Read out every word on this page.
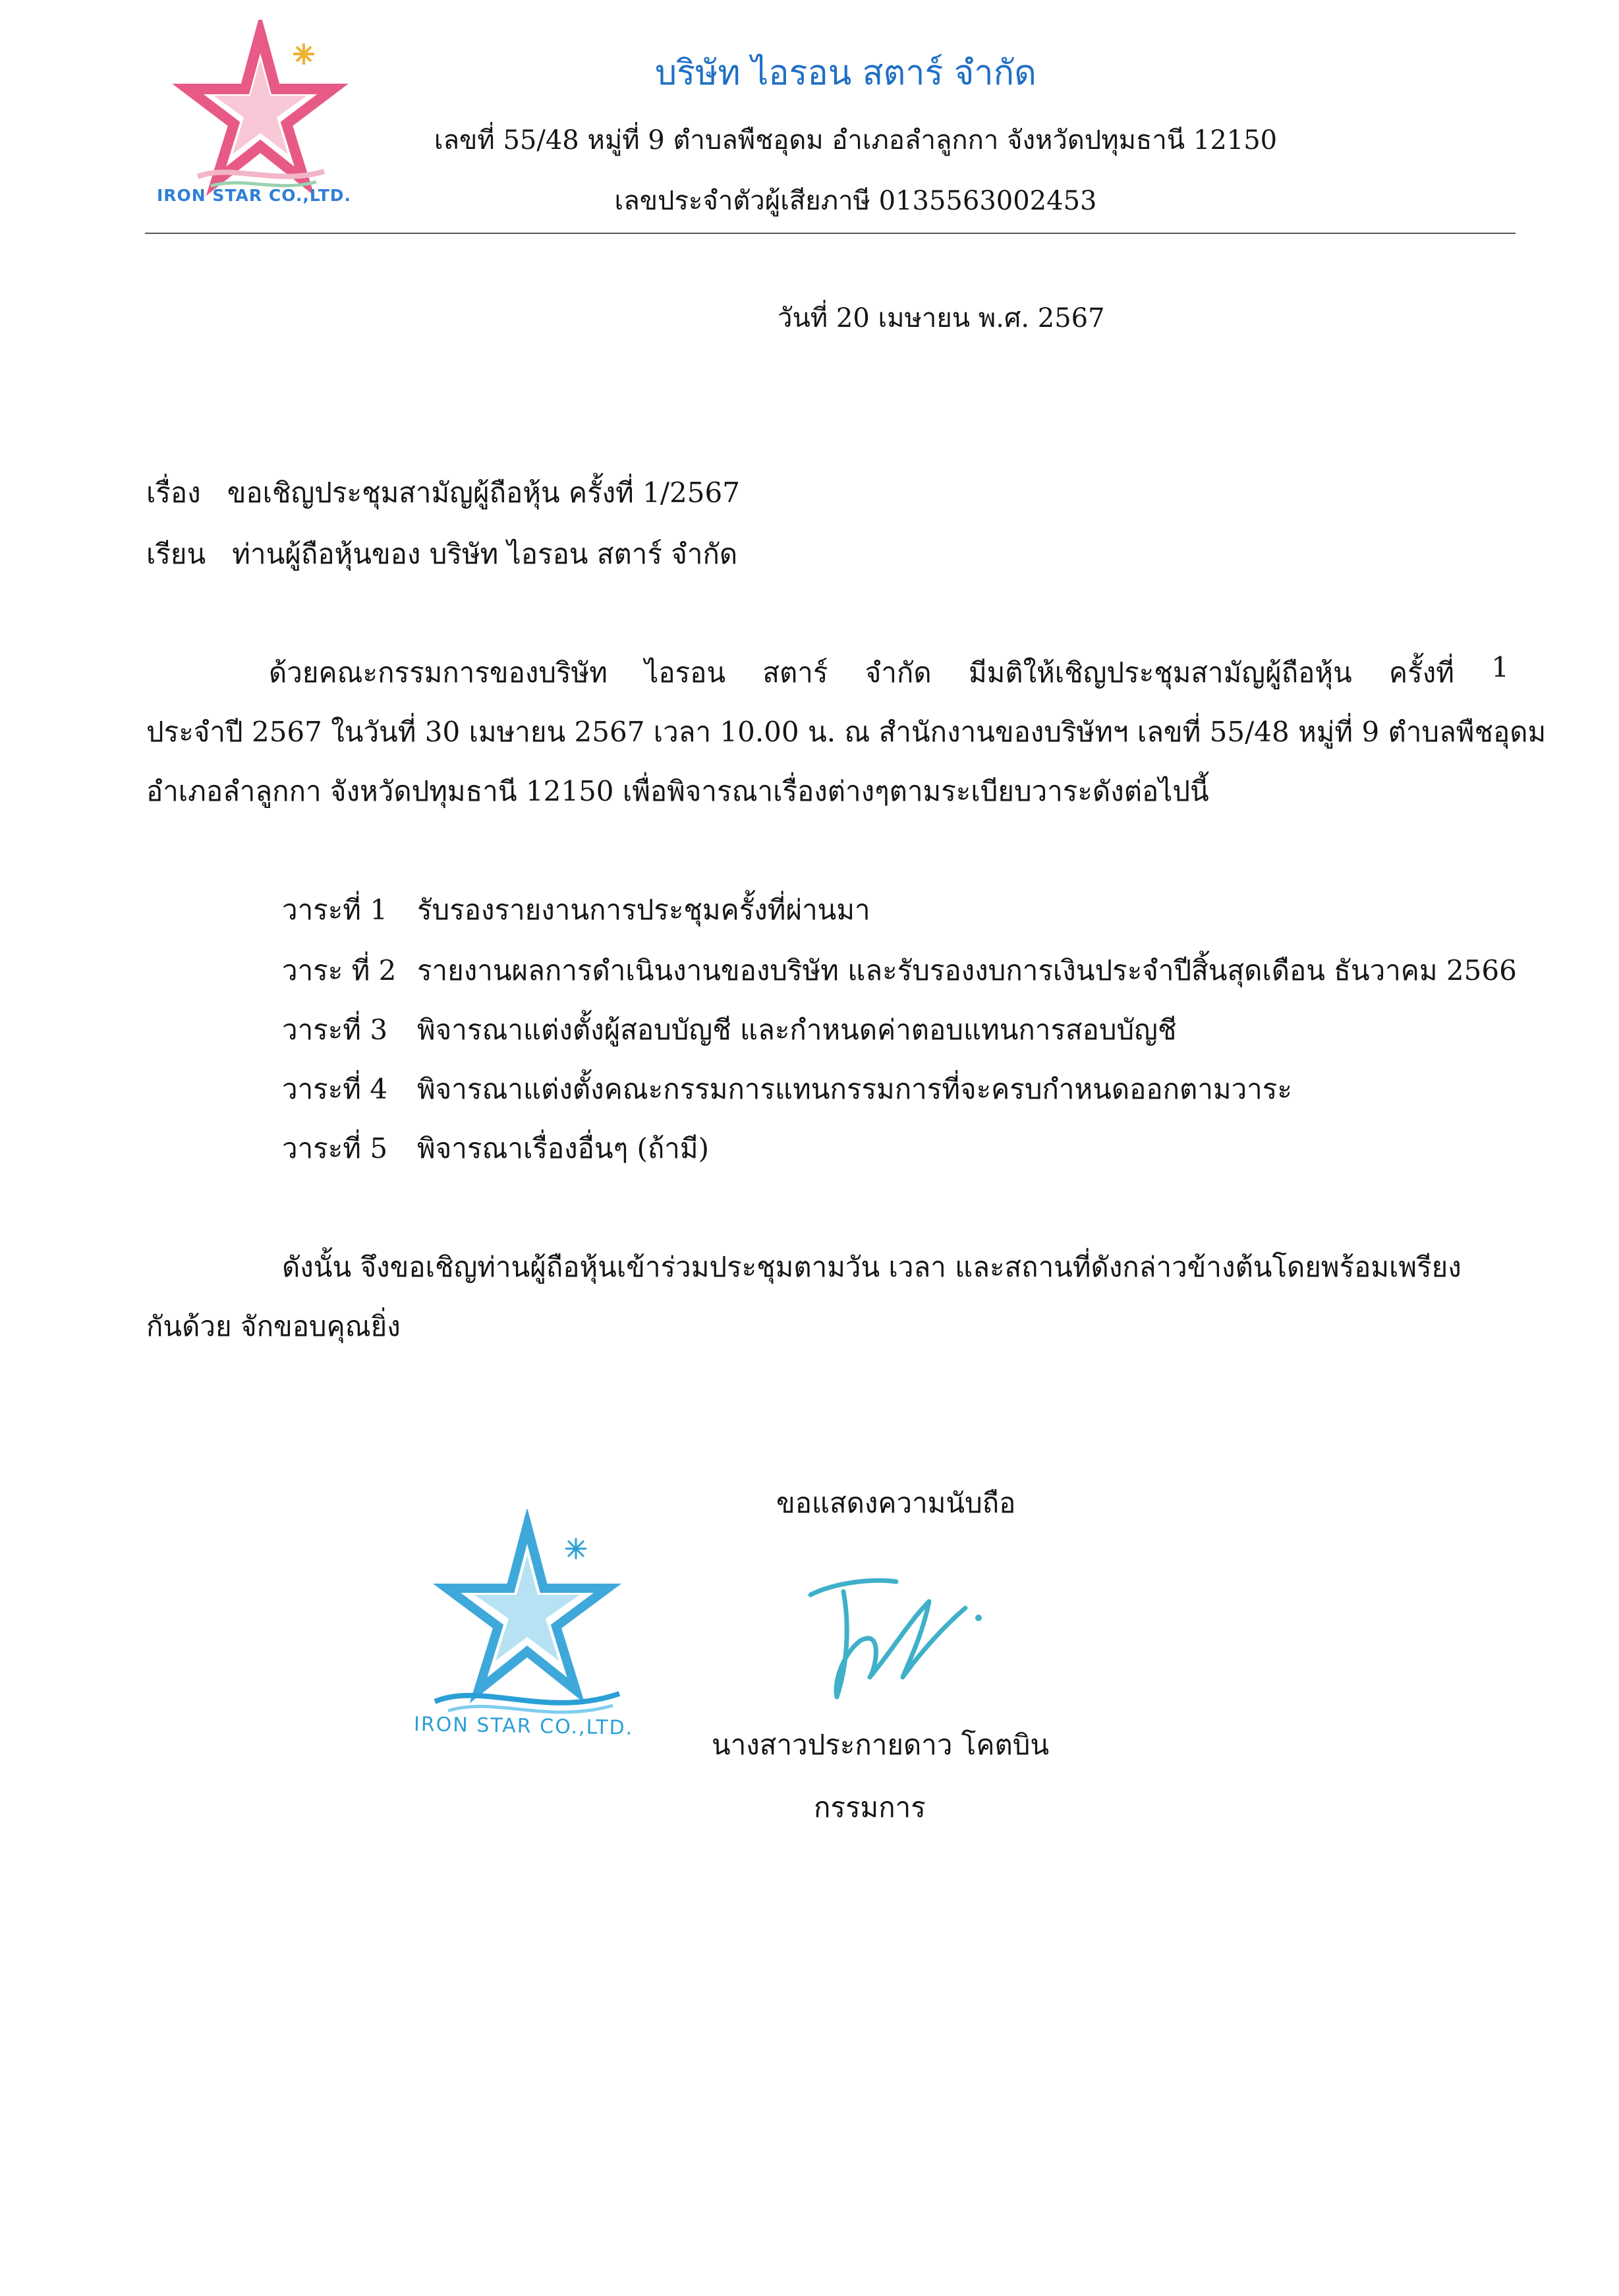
IRON STAR CO.,LTD.
บริษัท ไอรอน สตาร์ จำกัด
เลขที่ 55/48 หมู่ที่ 9 ตำบลพืชอุดม อำเภอลำลูกกา จังหวัดปทุมธานี 12150
เลขประจำตัวผู้เสียภาษี 0135563002453
วันที่ 20 เมษายน พ.ศ. 2567
เรื่อง ขอเชิญประชุมสามัญผู้ถือหุ้น ครั้งที่ 1/2567
เรียน ท่านผู้ถือหุ้นของ บริษัท ไอรอน สตาร์ จำกัด
ด้วยคณะกรรมการของบริษัท ไอรอน สตาร์ จำกัด มีมติให้เชิญประชุมสามัญผู้ถือหุ้น ครั้งที่ 1
ประจำปี 2567 ในวันที่ 30 เมษายน 2567 เวลา 10.00 น. ณ สำนักงานของบริษัทฯ เลขที่ 55/48 หมู่ที่ 9 ตำบลพืชอุดม
อำเภอลำลูกกา จังหวัดปทุมธานี 12150 เพื่อพิจารณาเรื่องต่างๆตามระเบียบวาระดังต่อไปนี้
วาระที่ 1 รับรองรายงานการประชุมครั้งที่ผ่านมา
วาระ ที่ 2 รายงานผลการดำเนินงานของบริษัท และรับรองงบการเงินประจำปีสิ้นสุดเดือน ธันวาคม 2566
วาระที่ 3 พิจารณาแต่งตั้งผู้สอบบัญชี และกำหนดค่าตอบแทนการสอบบัญชี
วาระที่ 4 พิจารณาแต่งตั้งคณะกรรมการแทนกรรมการที่จะครบกำหนดออกตามวาระ
วาระที่ 5 พิจารณาเรื่องอื่นๆ (ถ้ามี)
ดังนั้น จึงขอเชิญท่านผู้ถือหุ้นเข้าร่วมประชุมตามวัน เวลา และสถานที่ดังกล่าวข้างต้นโดยพร้อมเพรียง
กันด้วย จักขอบคุณยิ่ง
ขอแสดงความนับถือ
IRON STAR CO.,LTD.
นางสาวประกายดาว โคตบิน
กรรมการ
